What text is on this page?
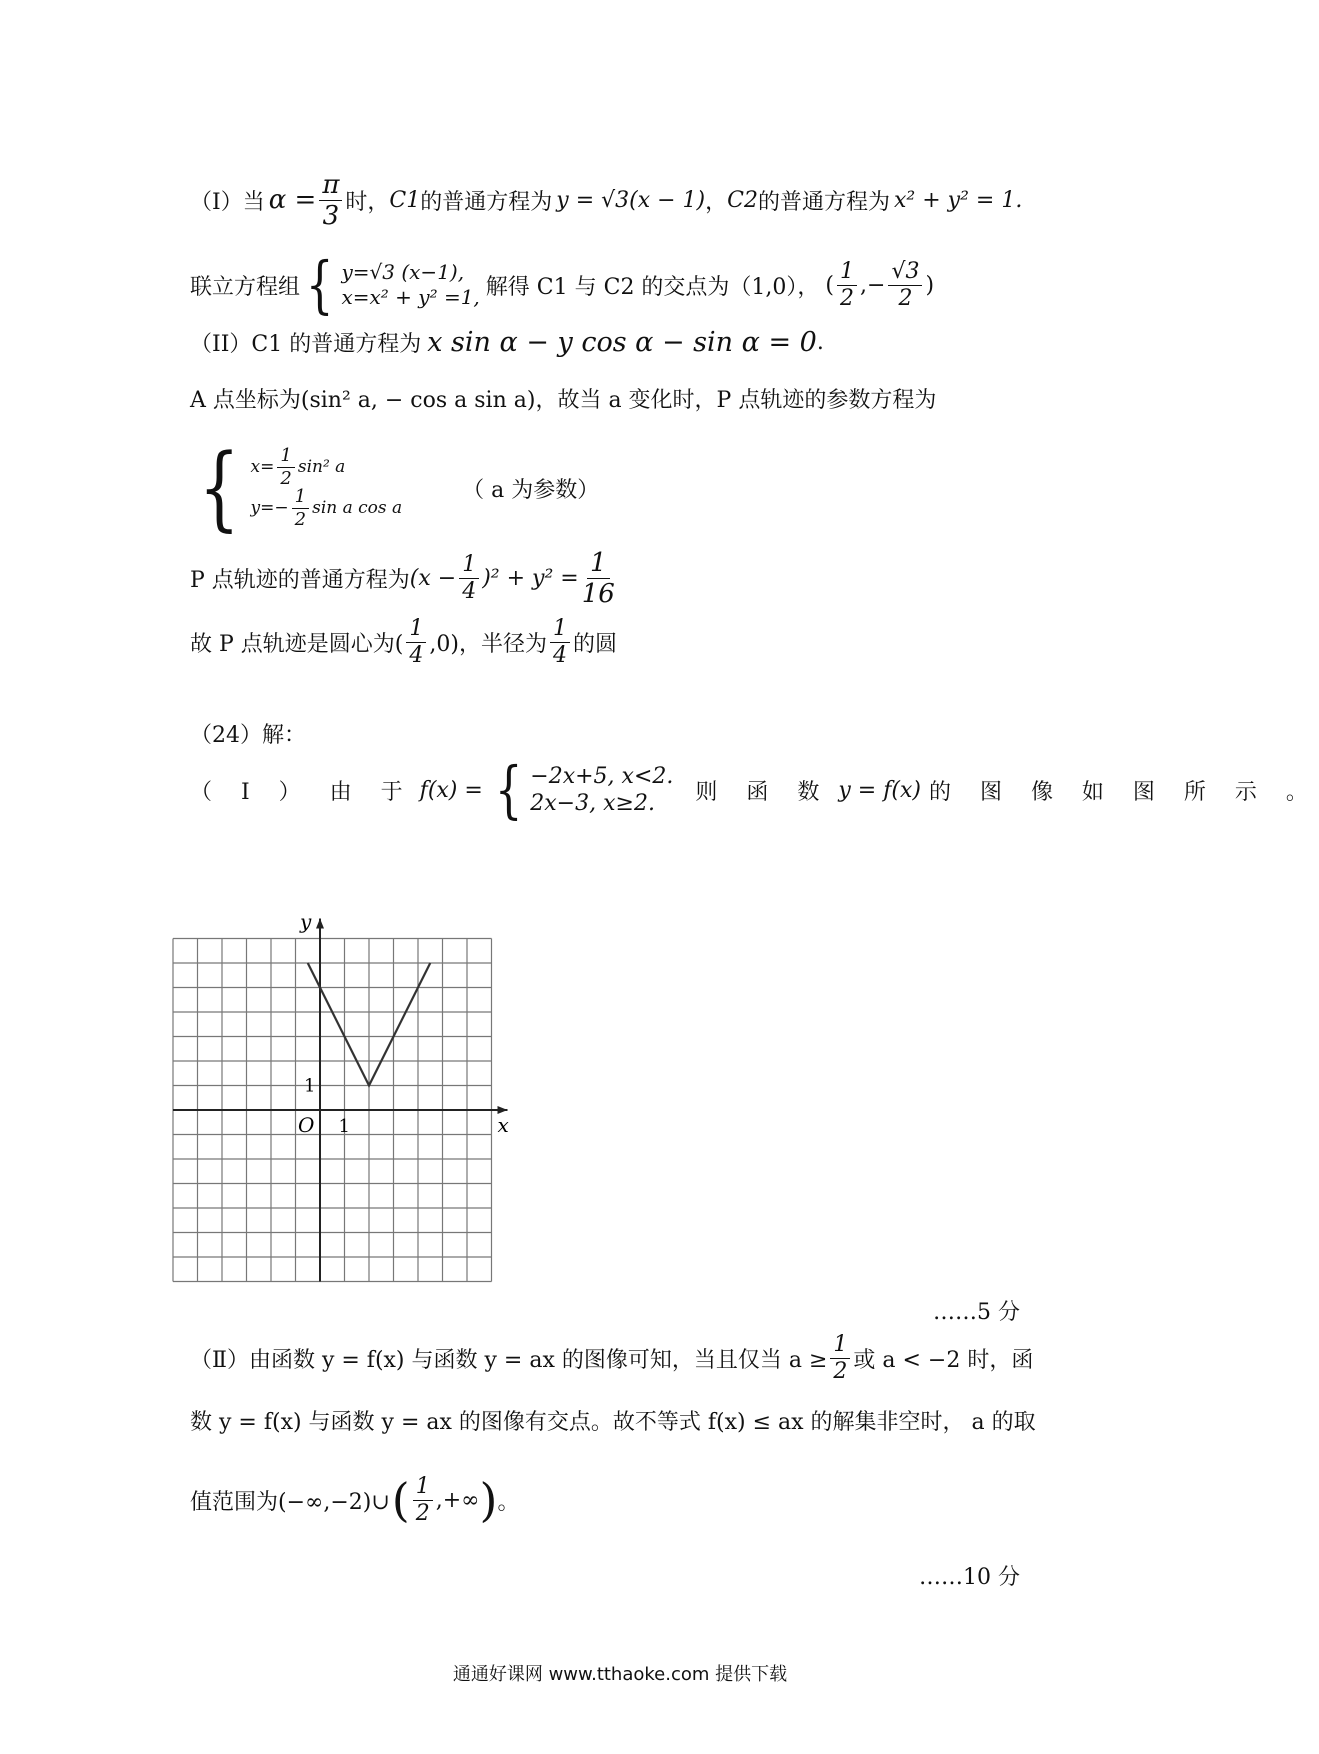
（I）当 $\alpha = \frac{\pi}{3}$ 时， C1 的普通方程为 y = √3(x − 1) ， C2 的普通方程为 x² + y² = 1.
联立方程组 { y=√3 (x−1),
x=x² + y² =1, 解得 C1 与 C2 的交点为（1,0）， ( $\frac{1}{2}$ ,− $\frac{√3}{2}$ )
（II）C1 的普通方程为 x sin α − y cos α − sin α = 0 .
A 点坐标为(sin² a, − cos a sin a)，故当 a 变化时，P 点轨迹的参数方程为
{ $x= \frac{1}{2} \sin^2$ a
$y=- \frac{1}{2}$ sin a cos a
（ a 为参数）
P 点轨迹的普通方程为 $(x - \frac{1}{4} )^2 + y^2 = \frac{1}{16}$
故 P 点轨迹是圆心为( $\frac{1}{4} ,0$)，半径为 $\frac{1}{4}$ 的圆
（24）解：
（ Ⅰ ） 由 于 f(x) = { −2x+5, x<2.
2x−3, x≥2.	则 函 数 y = f(x) 的 图 像 如 图 所 示 。
x
y
O 1
1
……5 分
（Ⅱ）由函数 y = f(x) 与函数 y = ax 的图像可知，当且仅当 $a \ge \frac{1}{2}$ 或 a < −2 时，函
数 y = f(x) 与函数 y = ax 的图像有交点。故不等式 f(x) ≤ ax 的解集非空时， a 的取
值范围为(−∞,−2)∪ ( $\frac{1}{2}$ ,+∞ ) 。
……10 分
通通好课网 www.tthaoke.com 提供下载
